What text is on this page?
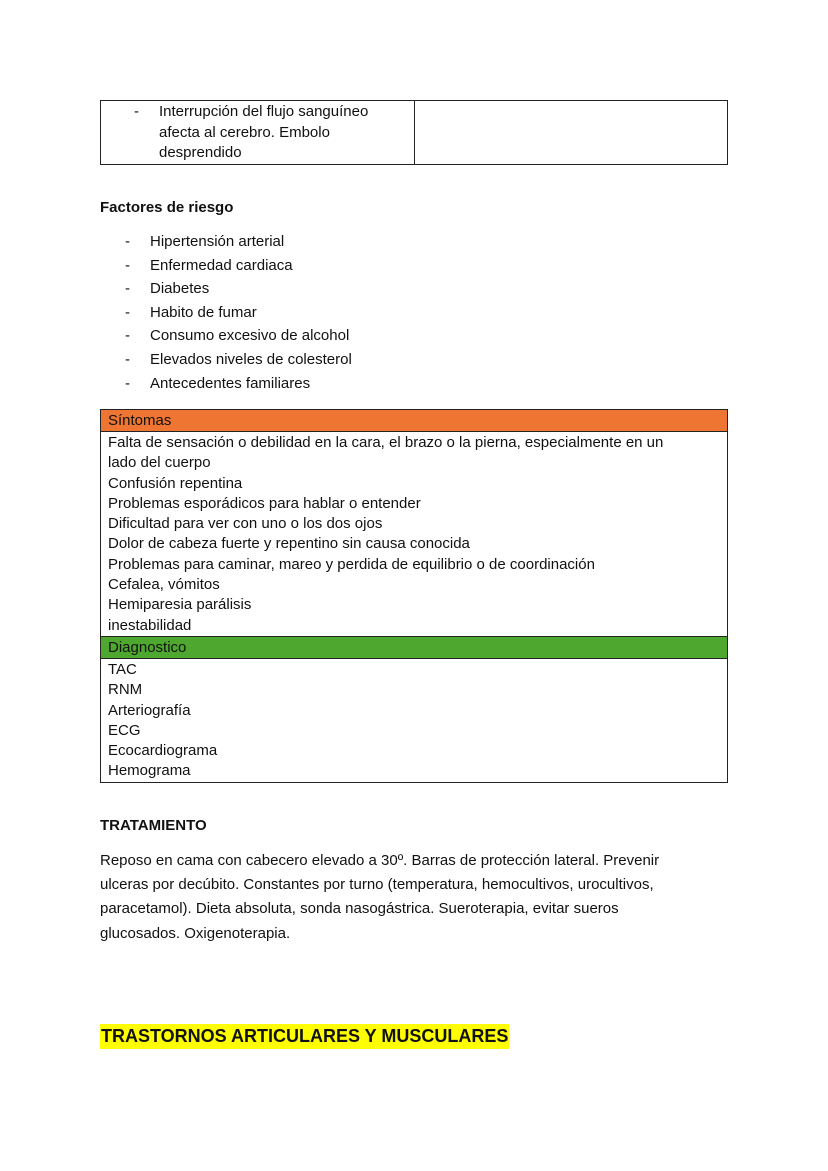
- Interrupción del flujo sanguíneo
afecta al cerebro. Embolo
desprendido

Factores de riesgo
- Hipertensión arterial
- Enfermedad cardiaca
- Diabetes
- Habito de fumar
- Consumo excesivo de alcohol
- Elevados niveles de colesterol
- Antecedentes familiares
Síntomas
Falta de sensación o debilidad en la cara, el brazo o la pierna, especialmente en un
lado del cuerpo
Confusión repentina
Problemas esporádicos para hablar o entender
Dificultad para ver con uno o los dos ojos
Dolor de cabeza fuerte y repentino sin causa conocida
Problemas para caminar, mareo y perdida de equilibrio o de coordinación
Cefalea, vómitos
Hemiparesia parálisis
inestabilidad
Diagnostico
TAC
RNM
Arteriografía
ECG
Ecocardiograma
Hemograma
TRATAMIENTO
Reposo en cama con cabecero elevado a 30º. Barras de protección lateral. Prevenir
ulceras por decúbito. Constantes por turno (temperatura, hemocultivos, urocultivos,
paracetamol). Dieta absoluta, sonda nasogástrica. Sueroterapia, evitar sueros
glucosados. Oxigenoterapia.
TRASTORNOS ARTICULARES Y MUSCULARES
